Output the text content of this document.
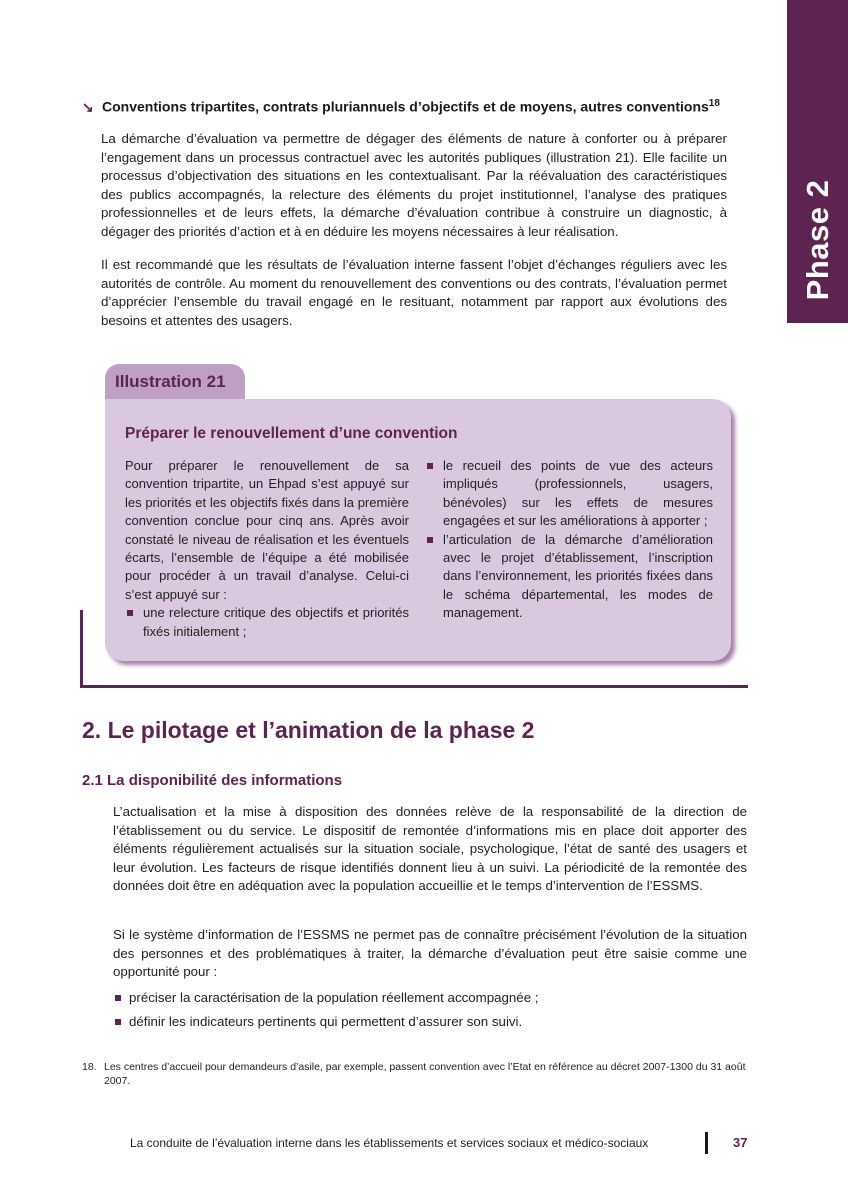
Phase 2
↘ Conventions tripartites, contrats pluriannuels d’objectifs et de moyens, autres conventions$^{18}$

La démarche d’évaluation va permettre de dégager des éléments de nature à conforter ou à préparer l’engagement dans un processus contractuel avec les autorités publiques (illustration 21). Elle facilite un processus d’objectivation des situations en les contextualisant. Par la réévaluation des caractéristiques des publics accompagnés, la relecture des éléments du projet institutionnel, l’analyse des pratiques professionnelles et de leurs effets, la démarche d’évaluation contribue à construire un diagnostic, à dégager des priorités d’action et à en déduire les moyens nécessaires à leur réalisation.

Il est recommandé que les résultats de l’évaluation interne fassent l’objet d’échanges réguliers avec les autorités de contrôle. Au moment du renouvellement des conventions ou des contrats, l’évaluation permet d’apprécier l’ensemble du travail engagé en le resituant, notamment par rapport aux évolutions des besoins et attentes des usagers.

Illustration 21
Préparer le renouvellement d’une convention
Pour préparer le renouvellement de sa convention tripartite, un Ehpad s’est appuyé sur les priorités et les objectifs fixés dans la première convention conclue pour cinq ans. Après avoir constaté le niveau de réalisation et les éventuels écarts, l’ensemble de l’équipe a été mobilisée pour procéder à un travail d’analyse. Celui-ci s’est appuyé sur :
une relecture critique des objectifs et priorités fixés initialement ;
le recueil des points de vue des acteurs impliqués (professionnels, usagers, bénévoles) sur les effets de mesures engagées et sur les améliorations à apporter ;
l’articulation de la démarche d’amélioration avec le projet d’établissement, l’inscription dans l’environnement, les priorités fixées dans le schéma départemental, les modes de management.
2. Le pilotage et l’animation de la phase 2
2.1 La disponibilité des informations

L’actualisation et la mise à disposition des données relève de la responsabilité de la direction de l’établissement ou du service. Le dispositif de remontée d’informations mis en place doit apporter des éléments régulièrement actualisés sur la situation sociale, psychologique, l’état de santé des usagers et leur évolution. Les facteurs de risque identifiés donnent lieu à un suivi. La périodicité de la remontée des données doit être en adéquation avec la population accueillie et le temps d’intervention de l’ESSMS.

Si le système d’information de l’ESSMS ne permet pas de connaître précisément l’évolution de la situation des personnes et des problématiques à traiter, la démarche d’évaluation peut être saisie comme une opportunité pour :

préciser la caractérisation de la population réellement accompagnée ;
définir les indicateurs pertinents qui permettent d’assurer son suivi.
18. Les centres d’accueil pour demandeurs d’asile, par exemple, passent convention avec l’Etat en référence au décret 2007-1300 du 31 août 2007.
La conduite de l’évaluation interne dans les établissements et services sociaux et médico-sociaux	37
